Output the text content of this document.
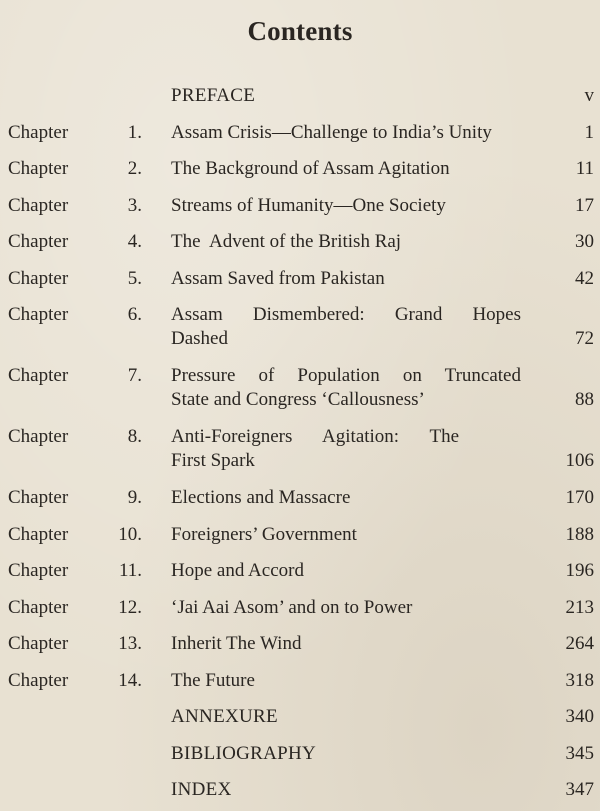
Contents
PREFACE	v
Chapter	1. Assam Crisis—Challenge to India’s Unity	1
Chapter	2. The Background of Assam Agitation	11
Chapter	3. Streams of Humanity—One Society	17
Chapter	4. The  Advent of the British Raj	30
Chapter	5. Assam Saved from Pakistan	42
Chapter	6. Assam Dismembered: Grand Hopes
Dashed	72
Chapter	7. Pressure of Population on Truncated
State and Congress ‘Callousness’	88
Chapter	8. Anti-Foreigners Agitation: The
First Spark	106
Chapter	9. Elections and Massacre	170
Chapter	10. Foreigners’ Government	188
Chapter	11. Hope and Accord	196
Chapter	12. ‘Jai Aai Asom’ and on to Power	213
Chapter	13. Inherit The Wind	264
Chapter	14. The Future	318
ANNEXURE	340
BIBLIOGRAPHY	345
INDEX	347
